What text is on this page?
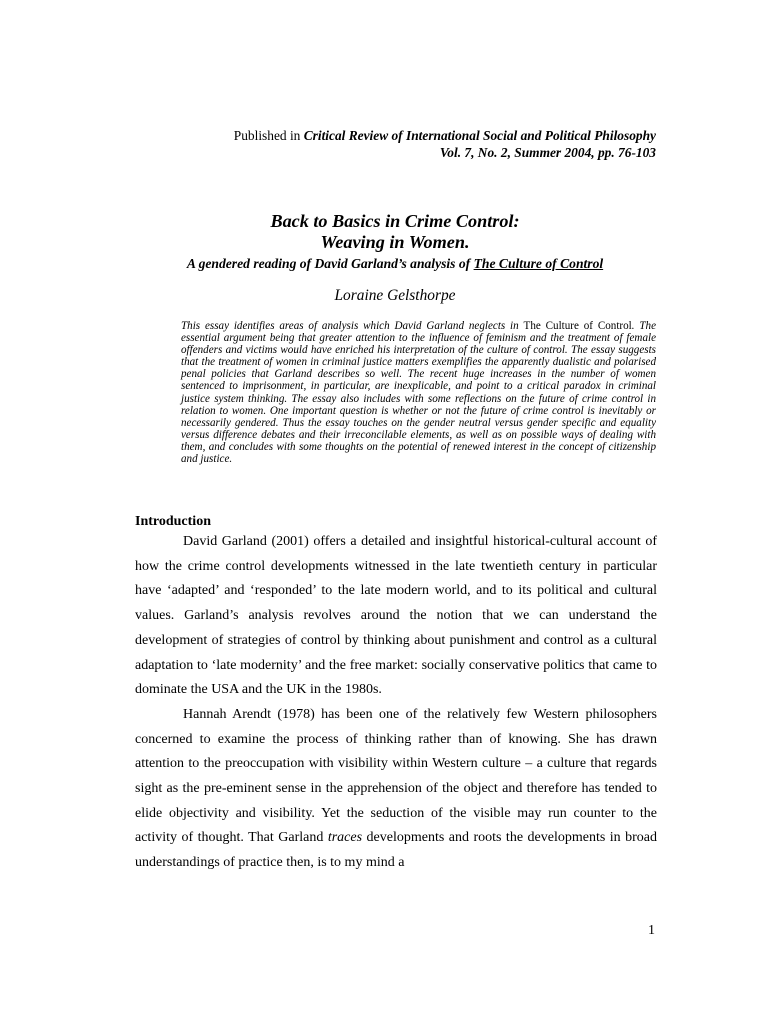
Published in Critical Review of International Social and Political Philosophy
Vol. 7, No. 2, Summer 2004, pp. 76-103
Back to Basics in Crime Control:
Weaving in Women.
A gendered reading of David Garland’s analysis of The Culture of Control
Loraine Gelsthorpe
This essay identifies areas of analysis which David Garland neglects in The Culture of Control. The essential argument being that greater attention to the influence of feminism and the treatment of female offenders and victims would have enriched his interpretation of the culture of control. The essay suggests that the treatment of women in criminal justice matters exemplifies the apparently dualistic and polarised penal policies that Garland describes so well. The recent huge increases in the number of women sentenced to imprisonment, in particular, are inexplicable, and point to a critical paradox in criminal justice system thinking. The essay also includes with some reflections on the future of crime control in relation to women. One important question is whether or not the future of crime control is inevitably or necessarily gendered. Thus the essay touches on the gender neutral versus gender specific and equality versus difference debates and their irreconcilable elements, as well as on possible ways of dealing with them, and concludes with some thoughts on the potential of renewed interest in the concept of citizenship and justice.
Introduction

David Garland (2001) offers a detailed and insightful historical-cultural account of how the crime control developments witnessed in the late twentieth century in particular have ‘adapted’ and ‘responded’ to the late modern world, and to its political and cultural values. Garland’s analysis revolves around the notion that we can understand the development of strategies of control by thinking about punishment and control as a cultural adaptation to ‘late modernity’ and the free market: socially conservative politics that came to dominate the USA and the UK in the 1980s.

Hannah Arendt (1978) has been one of the relatively few Western philosophers concerned to examine the process of thinking rather than of knowing. She has drawn attention to the preoccupation with visibility within Western culture – a culture that regards sight as the pre-eminent sense in the apprehension of the object and therefore has tended to elide objectivity and visibility. Yet the seduction of the visible may run counter to the activity of thought. That Garland traces developments and roots the developments in broad understandings of practice then, is to my mind a

1
